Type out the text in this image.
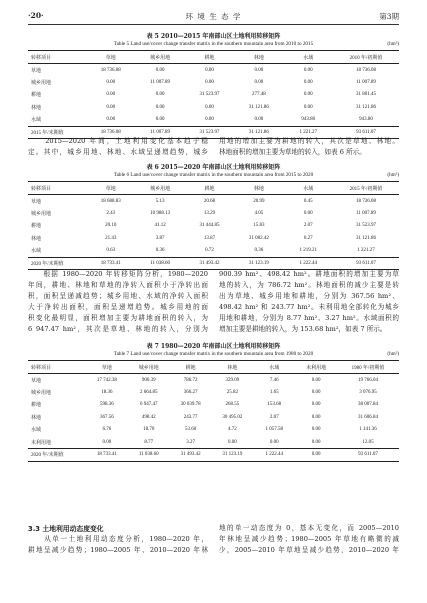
·20·	环 境 生 态 学	第3期
表 5 2010—2015 年南部山区土地利用转移矩阵
Table 5 Land use/cover change transfer matrix in the southern mountain area from 2010 to 2015	(hm²)
转移项目	草地	城乡用地	耕地	林地	水域	2010 年/初期值
草地	18 736.08	0.00	0.00	0.00	0.00	18 736.08
城乡用地	0.00	11 007.89	0.00	0.00	0.00	11 007.89
耕地	0.00	0.00	31 523.97	277.48	0.00	31 801.45
林地	0.00	0.00	0.00	31 121.86	0.00	31 121.86
水域	0.00	0.00	0.00	0.00	943.80	943.80
2015 年/末期值	18 736.08	11 007.89	31 523.97	31 121.86	1 221.27	93 611.07

　　2015—2020 年间，土地利用变化基本趋于稳

定。其中，城乡用地、林地、水域呈递增趋势，城乡

用地的增加主要为耕地的转入，其次是草地、林地。

林地面积的增加主要为草地的转入，如表 6 所示。

表 6 2015—2020 年南部山区土地利用转移矩阵
Table 6 Land use/cover change transfer matrix in the southern mountain area from 2015 to 2020	(hm²)
转移项目	草地	城乡用地	耕地	林地	水域	2015 年/初期值
草地	18 688.83	5.13	20.68	20.99	0.45	18 736.08
城乡用地	2.43	10 988.13	13.29	4.05	0.00	11 007.89
耕地	20.10	41.12	31 444.85	15.83	2.07	31 523.97
林地	21.43	3.87	13.87	31 082.42	0.27	31 121.86
水域	0.63	0.36	0.72	0.36	1 219.21	1 221.27
2020 年/末期值	18 733.41	11 038.60	31 493.42	31 123.19	1 222.44	93 611.07

　　根据 1980—2020 年转移矩阵分析，1980—2020

年间，耕地、林地和草地的净转入面积小于净转出面

积，面积呈递减趋势；城乡用地、水域的净转入面积

大于净转出面积，面积呈递增趋势。城乡用地的面

积变化最明显，面积增加主要为耕地面积的转入，为

6 947.47 hm²，其次是草地、林地的转入，分别为

900.39 hm²、498.42 hm²。耕地面积的增加主要为草

地的转入，为 786.72 hm²。林地面积的减少主要是转

出为草地、城乡用地和耕地，分别为 367.56 hm²、

498.42 hm² 和 243.77 hm²。未利用地全部转化为城乡

用地和耕地，分别为 8.77 hm²、3.27 hm²。水域面积的

增加主要是耕地的转入，为 153.68 hm²，如表 7 所示。

表 7 1980—2020 年南部山区土地利用转移矩阵
Table 7 Land use/cover change transfer matrix in the southern mountain area from 1980 to 2020	(hm²)
转移项目	草地	城乡用地	耕地	林地	水域	未利用地	1980 年/初期值
草地	17 742.38	900.39	786.72	329.09	7.46	0.00	19 766.04
城乡用地	18.36	2 664.85	366.27	25.82	1.65	0.00	3 076.95
耕地	598.36	6 947.47	30 039.78	268.55	153.68	0.00	38 007.84
林地	367.56	498.42	243.77	30 495.02	2.07	0.00	31 606.84
水域	6.76	18.70	53.60	4.72	1 057.58	0.00	1 141.36
未利用地	0.00	8.77	3.27	0.00	0.00	0.00	12.05
2020 年/末期值	18 733.41	11 038.60	31 493.42	31 123.19	1 222.44	0.00	93 611.07
3.3 土地利用动态度变化

　　从单一土地利用动态度分析，1980—2020 年，

耕地呈减少趋势；1980—2005 年、2010—2020 年林

地的单一动态度为 0，基本无变化，而 2005—2010

年林地呈减少趋势；1980—2005 年草地有略微的减

少，2005—2010 年草地呈减少趋势，2010—2020 年
